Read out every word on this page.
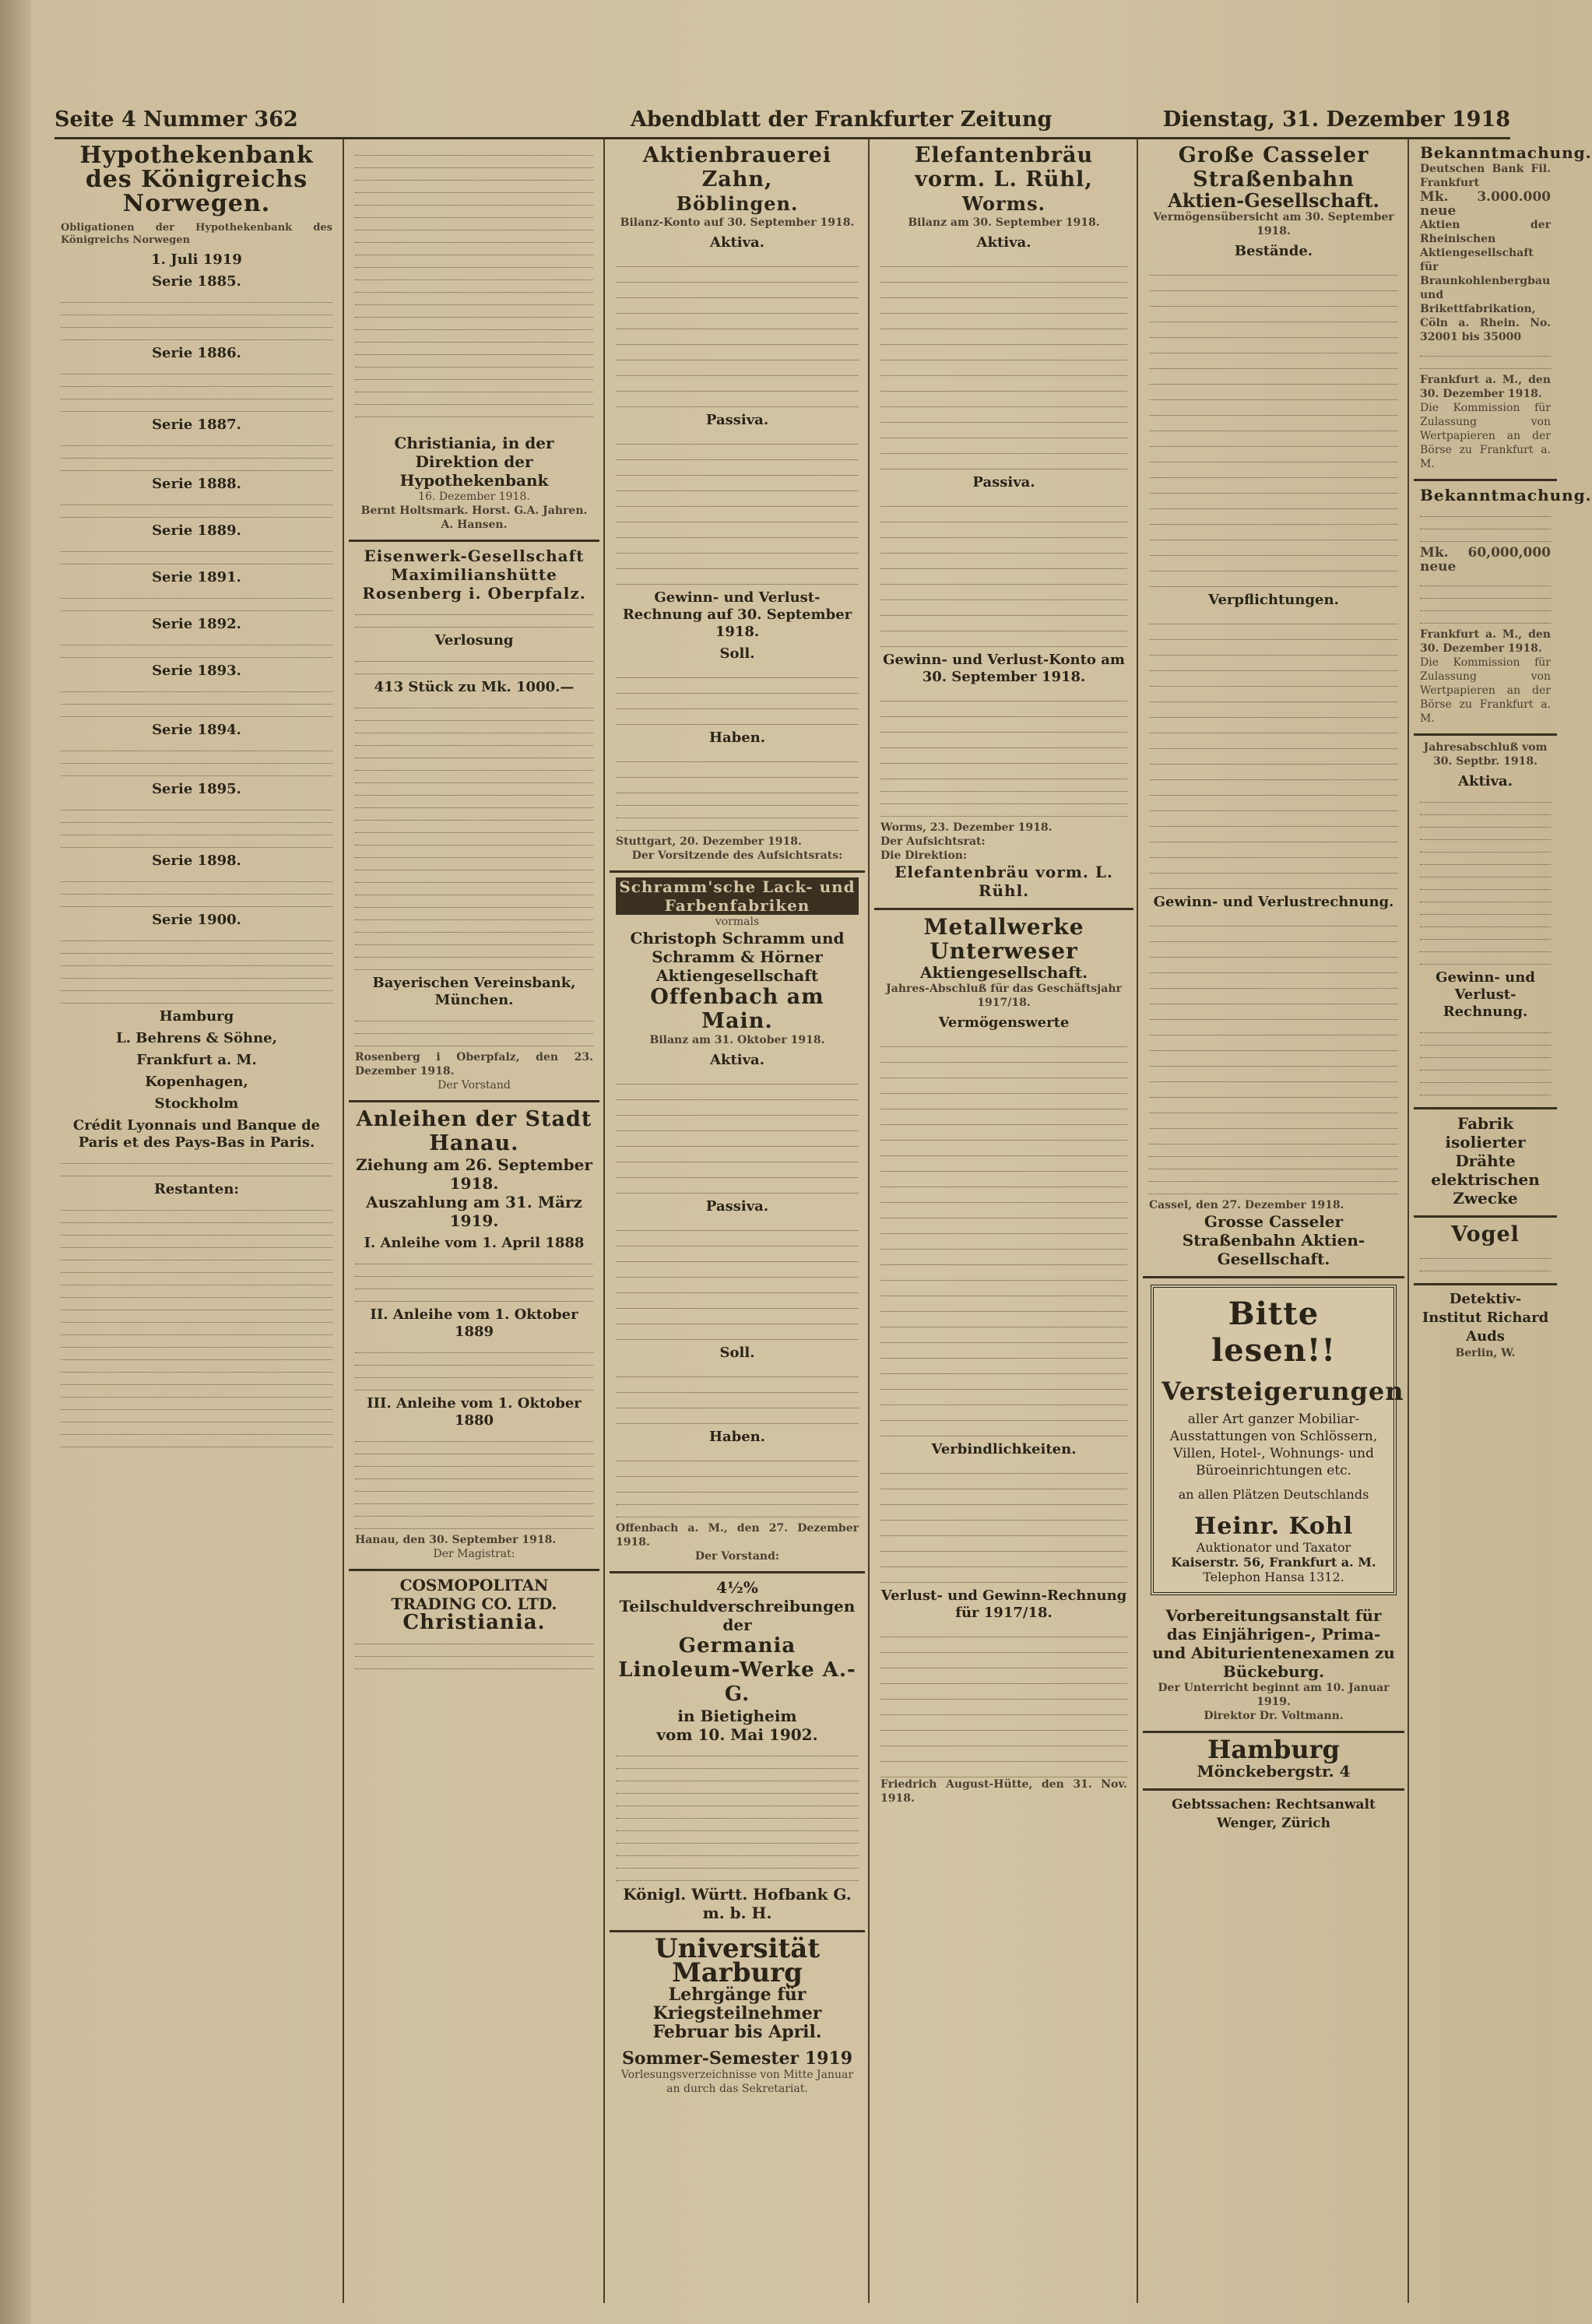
Seite 4 Nummer 362	Abendblatt der Frankfurter Zeitung	Dienstag, 31. Dezember 1918
Hypothekenbank des Königreichs
Norwegen.
Obligationen der Hypothekenbank des Königreichs Norwegen
1. Juli 1919
Serie 1885.
Serie 1886.
Serie 1887.
Serie 1888.
Serie 1889.
Serie 1891.
Serie 1892.
Serie 1893.
Serie 1894.
Serie 1895.
Serie 1898.
Serie 1900.
Hamburg
L. Behrens & Söhne,
Frankfurt a. M.
Kopenhagen,
Stockholm
Crédit Lyonnais und Banque de Paris et des Pays-Bas in Paris.
Restanten:
Christiania, in der Direktion der Hypothekenbank
16. Dezember 1918.
Bernt Holtsmark. Horst. G.A. Jahren. A. Hansen.
Eisenwerk-Gesellschaft Maximilianshütte
Rosenberg i. Oberpfalz.
Verlosung
413 Stück zu Mk. 1000.—
Bayerischen Vereinsbank, München.
Rosenberg i Oberpfalz, den 23. Dezember 1918.
Der Vorstand
Anleihen der Stadt Hanau.
Ziehung am 26. September 1918.
Auszahlung am 31. März 1919.
I. Anleihe vom 1. April 1888
II. Anleihe vom 1. Oktober 1889
III. Anleihe vom 1. Oktober 1880
Hanau, den 30. September 1918.
Der Magistrat:
COSMOPOLITAN TRADING CO. LTD.
Christiania.
Aktienbrauerei Zahn,
Böblingen.
Bilanz-Konto auf 30. September 1918.
Aktiva.

Passiva.

Gewinn- und Verlust-Rechnung auf 30. September 1918.
Soll.

Haben.

Stuttgart, 20. Dezember 1918.
Der Vorsitzende des Aufsichtsrats:
Schramm'sche Lack- und Farbenfabriken
vormals
Christoph Schramm und Schramm & Hörner Aktiengesellschaft
Offenbach am Main.
Bilanz am 31. Oktober 1918.
Aktiva.

Passiva.

Soll.

Haben.

Offenbach a. M., den 27. Dezember 1918.
Der Vorstand:
4½% Teilschuldverschreibungen der
Germania Linoleum-Werke A.-G.
in Bietigheim
vom 10. Mai 1902.
Königl. Württ. Hofbank G. m. b. H.
Universität Marburg
Lehrgänge für Kriegsteilnehmer
Februar bis April.
Sommer-Semester 1919
Vorlesungsverzeichnisse von Mitte Januar an durch das Sekretariat.
Elefantenbräu vorm. L. Rühl,
Worms.
Bilanz am 30. September 1918.
Aktiva.

Passiva.

Gewinn- und Verlust-Konto am 30. September 1918.

Worms, 23. Dezember 1918.
Der Aufsichtsrat:
Die Direktion:
Elefantenbräu vorm. L. Rühl.
Metallwerke Unterweser
Aktiengesellschaft.
Jahres-Abschluß für das Geschäftsjahr 1917/18.
Vermögenswerte

Verbindlichkeiten.

Verlust- und Gewinn-Rechnung für 1917/18.

Friedrich August-Hütte, den 31. Nov. 1918.
Große Casseler Straßenbahn
Aktien-Gesellschaft.
Vermögensübersicht am 30. September 1918.
Bestände.

Verpflichtungen.

Gewinn- und Verlustrechnung.

Cassel, den 27. Dezember 1918.
Grosse Casseler Straßenbahn Aktien-Gesellschaft.
Bitte lesen!!
Versteigerungen
aller Art ganzer Mobiliar-Ausstattungen von Schlössern, Villen, Hotel-, Wohnungs- und Büroeinrichtungen etc.
an allen Plätzen Deutschlands
Heinr. Kohl
Auktionator und Taxator
Kaiserstr. 56, Frankfurt a. M.
Telephon Hansa 1312.
Vorbereitungsanstalt für das Einjährigen-, Prima- und Abiturientenexamen zu Bückeburg.
Der Unterricht beginnt am 10. Januar 1919.
Direktor Dr. Voltmann.
Hamburg
Mönckebergstr. 4
Gebtssachen: Rechtsanwalt Wenger, Zürich
Bekanntmachung.
Deutschen Bank Fil. Frankfurt
Mk. 3.000.000 neue
Aktien der Rheinischen Aktiengesellschaft für Braunkohlenbergbau und Brikettfabrikation, Cöln a. Rhein. No. 32001 bis 35000
Frankfurt a. M., den 30. Dezember 1918.
Die Kommission für Zulassung von Wertpapieren an der Börse zu Frankfurt a. M.
Bekanntmachung.
Mk. 60,000,000 neue
Frankfurt a. M., den 30. Dezember 1918.
Die Kommission für Zulassung von Wertpapieren an der Börse zu Frankfurt a. M.
Jahresabschluß vom 30. Septbr. 1918.
Aktiva.
Gewinn- und Verlust-Rechnung.
Fabrik isolierter Drähte elektrischen Zwecke
Vogel
Detektiv-Institut Richard Auds
Berlin, W.
